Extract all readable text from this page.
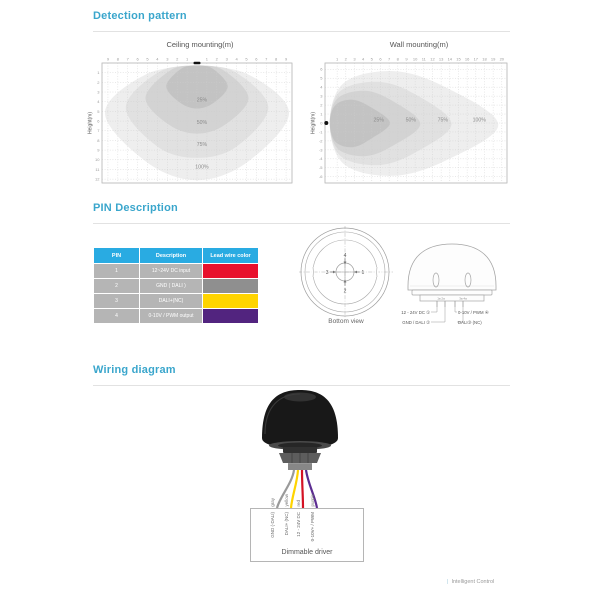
Detection pattern
Ceiling mounting(m)
100%
75%
50%
25%
9 8 7 6 5 4 3 2 1	1 2 3 4 5 6 7 8 9
1
2
3
4
5
6
7
8
9
10
11
12
Height(m)
Wall mounting(m)
100%
75%
50%
25%
1 2 3 4 5 6 7 8 9 10 11 12 13 14 15 16 17 18 19 20
6
5
4
3
2
1
0
-1
-2
-3
-4
-5
-6
Height(m)
PIN Description
PIN	Description	Lead wire color
1	12~24V DC input	
2	GND ( DALI )	
3	DALI+(NC)	
4	0-10V / PWM output	
4
1
2
3
Bottom view
1a 2a	3a 4a
12 - 24V DC ①
GND / DALI ②
0-10V / PWM ④
DALI③ (NC)
Wiring diagram
gray yellow red purple
GND (-DALI) DALI+ (NC) 12 - 24V DC 0-10V+ / PWM
Dimmable driver
| Intelligent Control
